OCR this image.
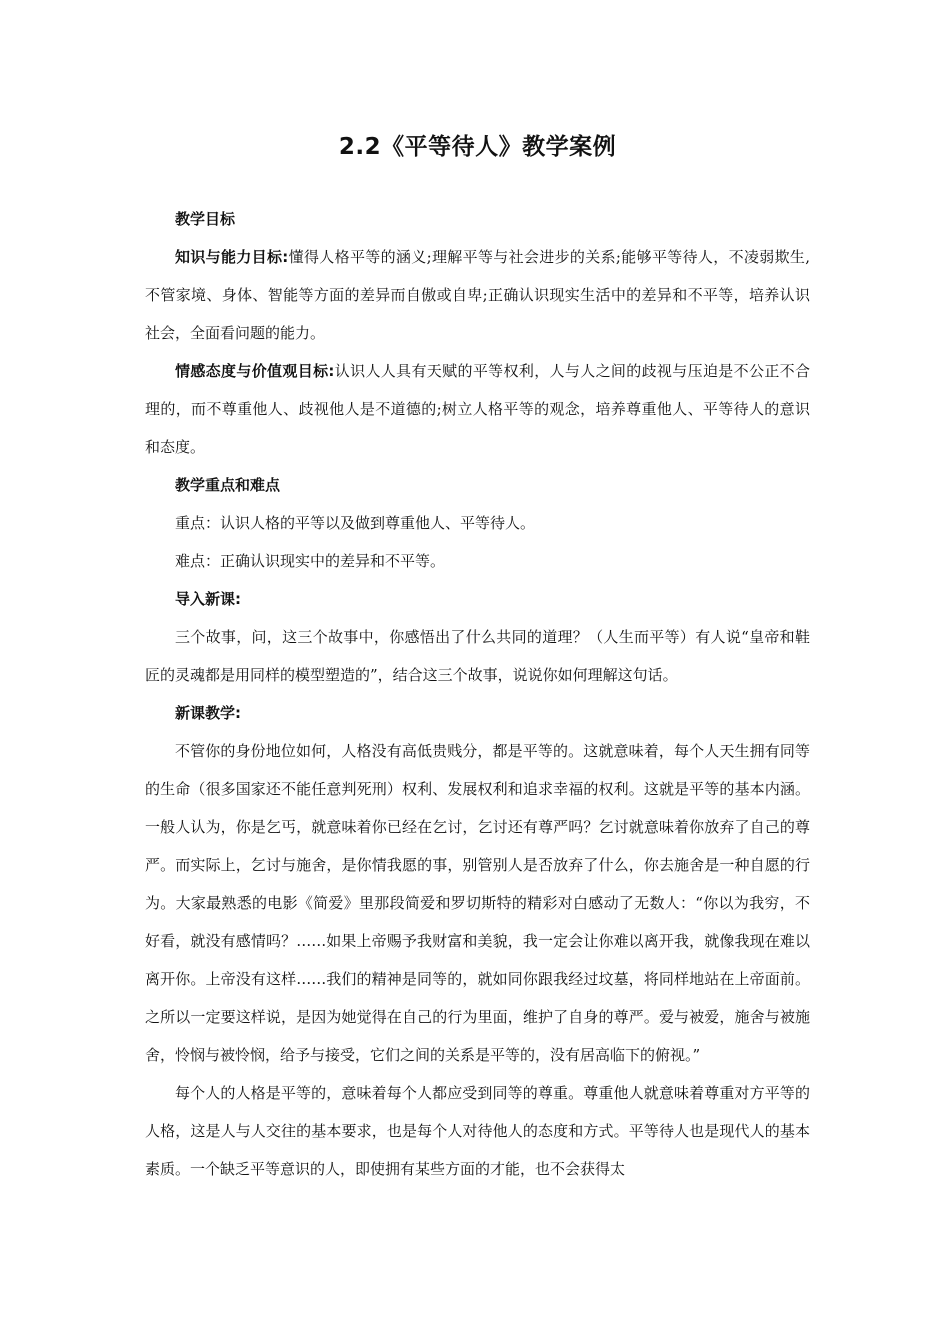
2.2《平等待人》教学案例

教学目标

知识与能力目标:懂得人格平等的涵义;理解平等与社会进步的关系;能够平等待人，不凌弱欺生,不管家境、身体、智能等方面的差异而自傲或自卑;正确认识现实生活中的差异和不平等，培养认识社会，全面看问题的能力。

情感态度与价值观目标:认识人人具有天赋的平等权利，人与人之间的歧视与压迫是不公正不合理的，而不尊重他人、歧视他人是不道德的;树立人格平等的观念，培养尊重他人、平等待人的意识和态度。

教学重点和难点

重点：认识人格的平等以及做到尊重他人、平等待人。

难点：正确认识现实中的差异和不平等。

导入新课:

三个故事，问，这三个故事中，你感悟出了什么共同的道理？（人生而平等）有人说“皇帝和鞋匠的灵魂都是用同样的模型塑造的”，结合这三个故事，说说你如何理解这句话。

新课教学:

不管你的身份地位如何，人格没有高低贵贱分，都是平等的。这就意味着，每个人天生拥有同等的生命（很多国家还不能任意判死刑）权利、发展权利和追求幸福的权利。这就是平等的基本内涵。一般人认为，你是乞丐，就意味着你已经在乞讨，乞讨还有尊严吗？乞讨就意味着你放弃了自己的尊严。而实际上，乞讨与施舍，是你情我愿的事，别管别人是否放弃了什么，你去施舍是一种自愿的行为。大家最熟悉的电影《简爱》里那段简爱和罗切斯特的精彩对白感动了无数人：“你以为我穷，不好看，就没有感情吗？……如果上帝赐予我财富和美貌，我一定会让你难以离开我，就像我现在难以离开你。上帝没有这样……我们的精神是同等的，就如同你跟我经过坟墓，将同样地站在上帝面前。之所以一定要这样说，是因为她觉得在自己的行为里面，维护了自身的尊严。爱与被爱，施舍与被施舍，怜悯与被怜悯，给予与接受，它们之间的关系是平等的，没有居高临下的俯视。”

每个人的人格是平等的，意味着每个人都应受到同等的尊重。尊重他人就意味着尊重对方平等的人格，这是人与人交往的基本要求，也是每个人对待他人的态度和方式。平等待人也是现代人的基本素质。一个缺乏平等意识的人，即使拥有某些方面的才能，也不会获得太
